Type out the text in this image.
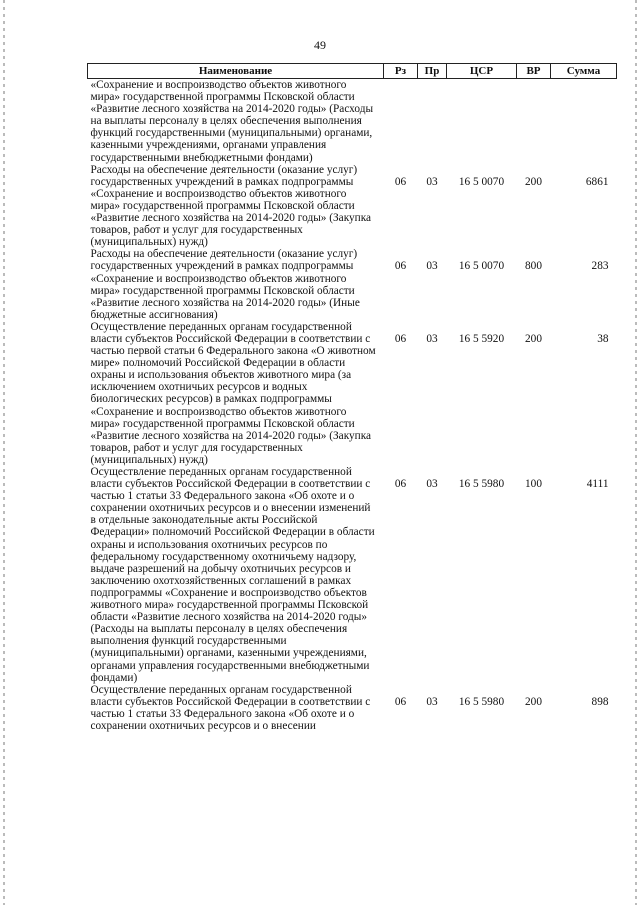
49
Наименование	Рз	Пр	ЦСР	ВР	Сумма
«Сохранение и воспроизводство объектов животного мира» государственной программы Псковской области «Развитие лесного хозяйства на 2014-2020 годы» (Расходы на выплаты персоналу в целях обеспечения выполнения функций государственными (муниципальными) органами, казенными учреждениями, органами управления государственными внебюджетными фондами)					
Расходы на обеспечение деятельности (оказание услуг) государственных учреждений в рамках подпрограммы «Сохранение и воспроизводство объектов животного мира» государственной программы Псковской области «Развитие лесного хозяйства на 2014-2020 годы» (Закупка товаров, работ и услуг для государственных (муниципальных) нужд)	06	03	16 5 0070	200	6861
Расходы на обеспечение деятельности (оказание услуг) государственных учреждений в рамках подпрограммы «Сохранение и воспроизводство объектов животного мира» государственной программы Псковской области «Развитие лесного хозяйства на 2014-2020 годы» (Иные бюджетные ассигнования)	06	03	16 5 0070	800	283
Осуществление переданных органам государственной власти субъектов Российской Федерации в соответствии с частью первой статьи 6 Федерального закона «О животном мире» полномочий Российской Федерации в области охраны и использования объектов животного мира (за исключением охотничьих ресурсов и водных биологических ресурсов) в рамках подпрограммы «Сохранение и воспроизводство объектов животного мира» государственной программы Псковской области «Развитие лесного хозяйства на 2014-2020 годы» (Закупка товаров, работ и услуг для государственных (муниципальных) нужд)	06	03	16 5 5920	200	38
Осуществление переданных органам государственной власти субъектов Российской Федерации в соответствии с частью 1 статьи 33 Федерального закона «Об охоте и о сохранении охотничьих ресурсов и о внесении изменений в отдельные законодательные акты Российской Федерации» полномочий Российской Федерации в области охраны и использования охотничьих ресурсов по федеральному государственному охотничьему надзору, выдаче разрешений на добычу охотничьих ресурсов и заключению охотхозяйственных соглашений в рамках подпрограммы «Сохранение и воспроизводство объектов животного мира» государственной программы Псковской области «Развитие лесного хозяйства на 2014-2020 годы» (Расходы на выплаты персоналу в целях обеспечения выполнения функций государственными (муниципальными) органами, казенными учреждениями, органами управления государственными внебюджетными фондами)	06	03	16 5 5980	100	4111
Осуществление переданных органам государственной власти субъектов Российской Федерации в соответствии с частью 1 статьи 33 Федерального закона «Об охоте и о сохранении охотничьих ресурсов и о внесении	06	03	16 5 5980	200	898
